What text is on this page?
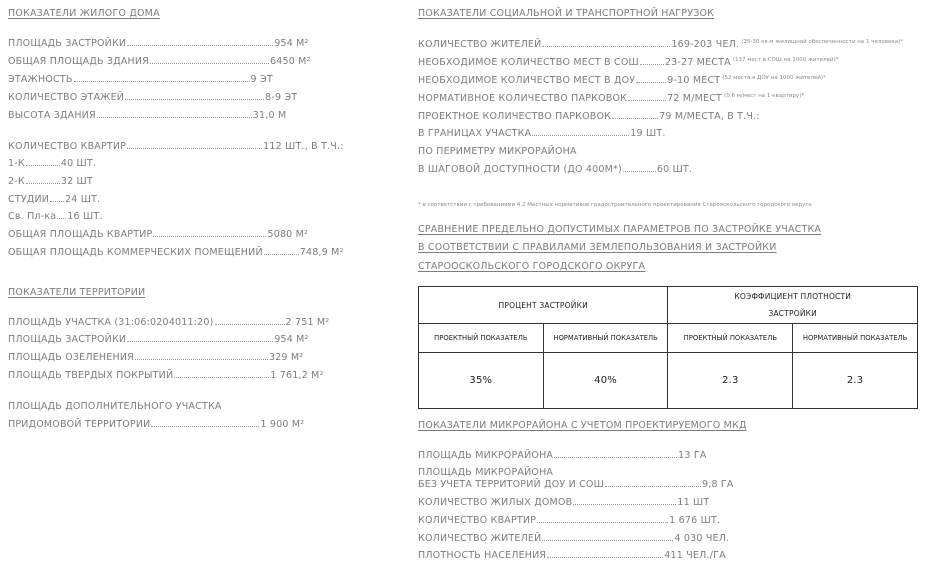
ПОКАЗАТЕЛИ ЖИЛОГО ДОМА
ПЛОЩАДЬ ЗАСТРОЙКИ	954 М²
ОБЩАЯ ПЛОЩАДЬ ЗДАНИЯ	6450 М²
ЭТАЖНОСТЬ	9 ЭТ
КОЛИЧЕСТВО ЭТАЖЕЙ	8-9 ЭТ
ВЫСОТА ЗДАНИЯ	31,0 М
КОЛИЧЕСТВО КВАРТИР	112 ШТ., В Т.Ч.:
1-К	40 ШТ.
2-К	32 ШТ
СТУДИИ 24 ШТ.
Св. Пл-ка 16 ШТ.
ОБЩАЯ ПЛОЩАДЬ КВАРТИР	5080 М²
ОБЩАЯ ПЛОЩАДЬ КОММЕРЧЕСКИХ ПОМЕЩЕНИЙ	748,9 М²
ПОКАЗАТЕЛИ ТЕРРИТОРИИ
ПЛОЩАДЬ УЧАСТКА (31:06:0204011:20)	2 751 М²
ПЛОЩАДЬ ЗАСТРОЙКИ	954 М²
ПЛОЩАДЬ ОЗЕЛЕНЕНИЯ	329 М²
ПЛОЩАДЬ ТВЕРДЫХ ПОКРЫТИЙ	1 761,2 М²
ПЛОЩАДЬ ДОПОЛНИТЕЛЬНОГО УЧАСТКА
ПРИДОМОВОЙ ТЕРРИТОРИИ	1 900 М²
ПОКАЗАТЕЛИ СОЦИАЛЬНОЙ И ТРАНСПОРТНОЙ НАГРУЗОК
КОЛИЧЕСТВО ЖИТЕЛЕЙ	169-203 ЧЕЛ. (25-30 кв.м жилищной обеспеченности на 1 человека)*
НЕОБХОДИМОЕ КОЛИЧЕСТВО МЕСТ В СОШ	23-27 МЕСТА (137 мест в СОШ на 1000 жителей)*
НЕОБХОДИМОЕ КОЛИЧЕСТВО МЕСТ В ДОУ	9-10 МЕСТ (52 места в ДОУ на 1000 жителей)*
НОРМАТИВНОЕ КОЛИЧЕСТВО ПАРКОВОК	72 М/МЕСТ (0,6 м/мест на 1 квартиру)*
ПРОЕКТНОЕ КОЛИЧЕСТВО ПАРКОВОК	79 М/МЕСТА, В Т.Ч.:
В ГРАНИЦАХ УЧАСТКА	19 ШТ.
ПО ПЕРИМЕТРУ МИКРОРАЙОНА
В ШАГОВОЙ ДОСТУПНОСТИ (ДО 400М*)	60 ШТ.
* в соответствии с требованиями 4.2 Местных нормативов градостроительного проектирования Старооскольского городского округа
СРАВНЕНИЕ ПРЕДЕЛЬНО ДОПУСТИМЫХ ПАРАМЕТРОВ ПО ЗАСТРОЙКЕ УЧАСТКА
В СООТВЕТСТВИИ С ПРАВИЛАМИ ЗЕМЛЕПОЛЬЗОВАНИЯ И ЗАСТРОЙКИ
СТАРООСКОЛЬСКОГО ГОРОДСКОГО ОКРУГА
ПРОЦЕНТ ЗАСТРОЙКИ		КОЭФФИЦИЕНТ ПЛОТНОСТИ
ЗАСТРОЙКИ	

ПРОЕКТНЫЙ ПОКАЗАТЕЛЬ	НОРМАТИВНЫЙ ПОКАЗАТЕЛЬ	ПРОЕКТНЫЙ ПОКАЗАТЕЛЬ	НОРМАТИВНЫЙ ПОКАЗАТЕЛЬ
35%	40%	2.3	2.3
ПОКАЗАТЕЛИ МИКРОРАЙОНА С УЧЕТОМ ПРОЕКТИРУЕМОГО МКД
ПЛОЩАДЬ МИКРОРАЙОНА	13 ГА
ПЛОЩАДЬ МИКРОРАЙОНА
БЕЗ УЧЕТА ТЕРРИТОРИЙ ДОУ И СОШ	9,8 ГА
КОЛИЧЕСТВО ЖИЛЫХ ДОМОВ	11 ШТ
КОЛИЧЕСТВО КВАРТИР	1 676 ШТ.
КОЛИЧЕСТВО ЖИТЕЛЕЙ	4 030 ЧЕЛ.
ПЛОТНОСТЬ НАСЕЛЕНИЯ	411 ЧЕЛ./ГА
